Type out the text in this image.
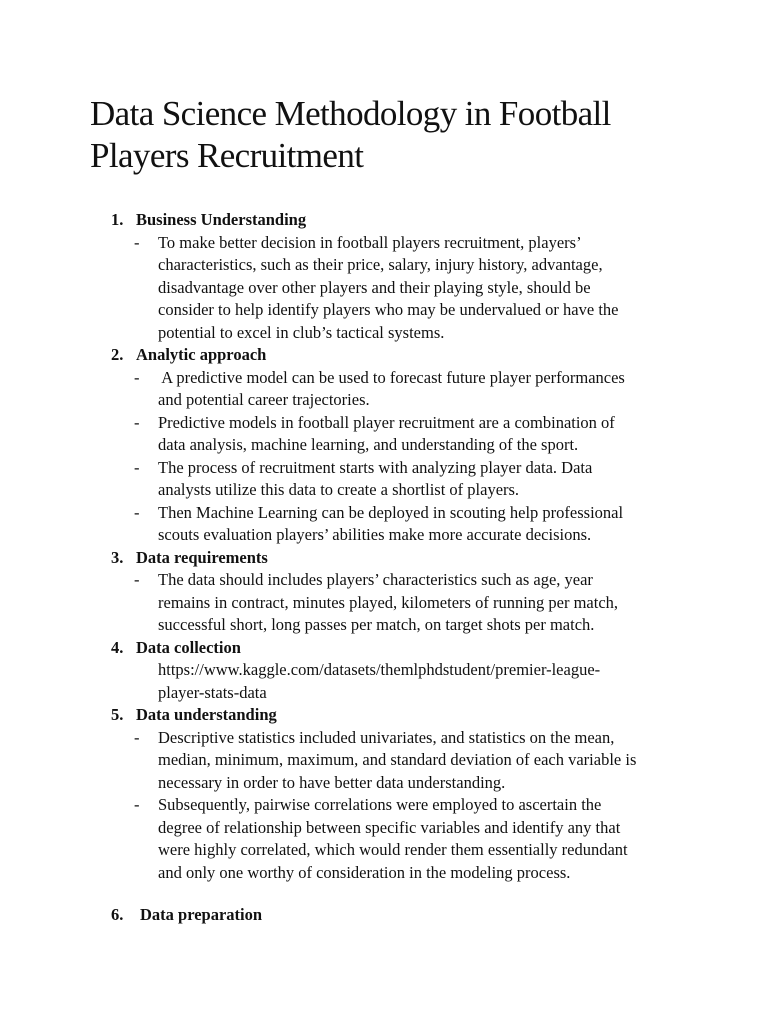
Data Science Methodology in Football
Players Recruitment
1. Business Understanding
- To make better decision in football players recruitment, players’
characteristics, such as their price, salary, injury history, advantage,
disadvantage over other players and their playing style, should be
consider to help identify players who may be undervalued or have the
potential to excel in club’s tactical systems.
2. Analytic approach
- A predictive model can be used to forecast future player performances
and potential career trajectories.
- Predictive models in football player recruitment are a combination of
data analysis, machine learning, and understanding of the sport.
- The process of recruitment starts with analyzing player data. Data
analysts utilize this data to create a shortlist of players.
- Then Machine Learning can be deployed in scouting help professional
scouts evaluation players’ abilities make more accurate decisions.
3. Data requirements
- The data should includes players’ characteristics such as age, year
remains in contract, minutes played, kilometers of running per match,
successful short, long passes per match, on target shots per match.
4. Data collection
https://www.kaggle.com/datasets/themlphdstudent/premier-league-
player-stats-data
5. Data understanding
- Descriptive statistics included univariates, and statistics on the mean,
median, minimum, maximum, and standard deviation of each variable is
necessary in order to have better data understanding.
- Subsequently, pairwise correlations were employed to ascertain the
degree of relationship between specific variables and identify any that
were highly correlated, which would render them essentially redundant
and only one worthy of consideration in the modeling process.
6. Data preparation
